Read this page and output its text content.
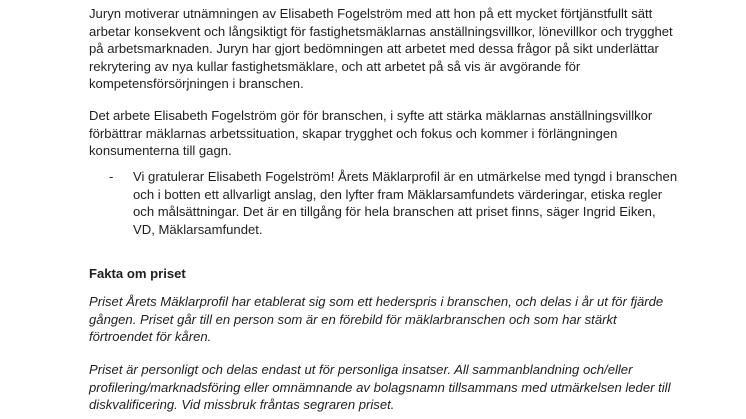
Juryn motiverar utnämningen av Elisabeth Fogelström med att hon på ett mycket förtjänstfullt sätt
arbetar konsekvent och långsiktigt för fastighetsmäklarnas anställningsvillkor, lönevillkor och trygghet
på arbetsmarknaden. Juryn har gjort bedömningen att arbetet med dessa frågor på sikt underlättar
rekrytering av nya kullar fastighetsmäklare, och att arbetet på så vis är avgörande för
kompetensförsörjningen i branschen.
Det arbete Elisabeth Fogelström gör för branschen, i syfte att stärka mäklarnas anställningsvillkor
förbättrar mäklarnas arbetssituation, skapar trygghet och fokus och kommer i förlängningen
konsumenterna till gagn.
- Vi gratulerar Elisabeth Fogelström! Årets Mäklarprofil är en utmärkelse med tyngd i branschen
och i botten ett allvarligt anslag, den lyfter fram Mäklarsamfundets värderingar, etiska regler
och målsättningar. Det är en tillgång för hela branschen att priset finns, säger Ingrid Eiken,
VD, Mäklarsamfundet.
Fakta om priset
Priset Årets Mäklarprofil har etablerat sig som ett hederspris i branschen, och delas i år ut för fjärde
gången. Priset går till en person som är en förebild för mäklarbranschen och som har stärkt
förtroendet för kåren.
Priset är personligt och delas endast ut för personliga insatser. All sammanblandning och/eller
profilering/marknadsföring eller omnämnande av bolagsnamn tillsammans med utmärkelsen leder till
diskvalificering. Vid missbruk fråntas segraren priset.
